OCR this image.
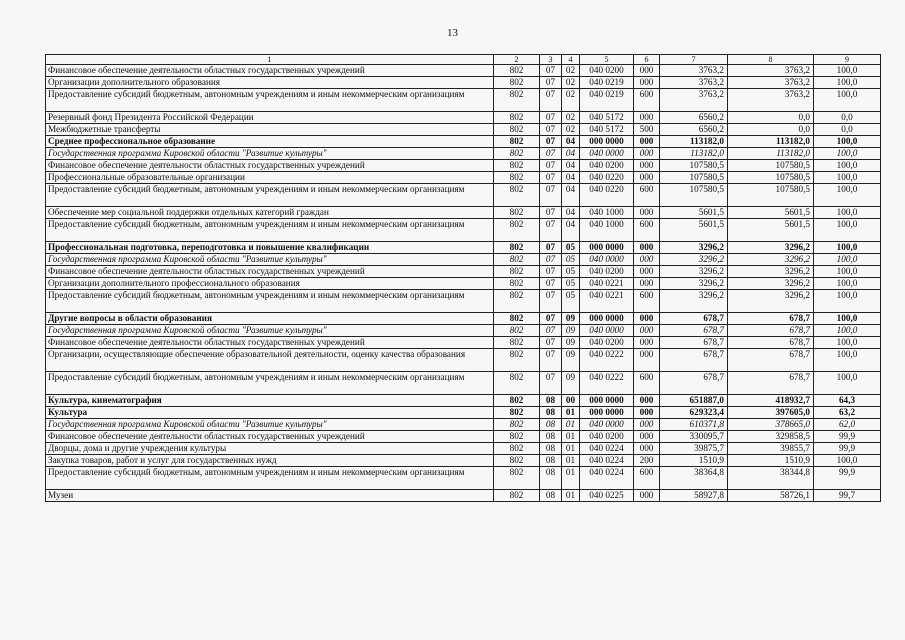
13
1	2	3	4	5	6	7	8	9
Финансовое обеспечение деятельности областных государственных учреждений	802	07	02	040 0200	000	3763,2	3763,2	100,0
Организации дополнительного образования	802	07	02	040 0219	000	3763,2	3763,2	100,0
Предоставление субсидий бюджетным, автономным учреждениям и иным некоммерческим организациям	802	07	02	040 0219	600	3763,2	3763,2	100,0
Резервный фонд Президента Российской Федерации	802	07	02	040 5172	000	6560,2	0,0	0,0
Межбюджетные трансферты	802	07	02	040 5172	500	6560,2	0,0	0,0
Среднее профессиональное образование	802	07	04	000 0000	000	113182,0	113182,0	100,0
Государственная программа Кировской области "Развитие культуры"	802	07	04	040 0000	000	113182,0	113182,0	100,0
Финансовое обеспечение деятельности областных государственных учреждений	802	07	04	040 0200	000	107580,5	107580,5	100,0
Профессиональные образовательные организации	802	07	04	040 0220	000	107580,5	107580,5	100,0
Предоставление субсидий бюджетным, автономным учреждениям и иным некоммерческим организациям	802	07	04	040 0220	600	107580,5	107580,5	100,0
Обеспечение мер социальной поддержки отдельных категорий граждан	802	07	04	040 1000	000	5601,5	5601,5	100,0
Предоставление субсидий бюджетным, автономным учреждениям и иным некоммерческим организациям	802	07	04	040 1000	600	5601,5	5601,5	100,0
Профессиональная подготовка, переподготовка и повышение квалификации	802	07	05	000 0000	000	3296,2	3296,2	100,0
Государственная программа Кировской области "Развитие культуры"	802	07	05	040 0000	000	3296,2	3296,2	100,0
Финансовое обеспечение деятельности областных государственных учреждений	802	07	05	040 0200	000	3296,2	3296,2	100,0
Организации дополнительного профессионального образования	802	07	05	040 0221	000	3296,2	3296,2	100,0
Предоставление субсидий бюджетным, автономным учреждениям и иным некоммерческим организациям	802	07	05	040 0221	600	3296,2	3296,2	100,0
Другие вопросы в области образования	802	07	09	000 0000	000	678,7	678,7	100,0
Государственная программа Кировской области "Развитие культуры"	802	07	09	040 0000	000	678,7	678,7	100,0
Финансовое обеспечение деятельности областных государственных учреждений	802	07	09	040 0200	000	678,7	678,7	100,0
Организации, осуществляющие обеспечение образовательной деятельности, оценку качества образования	802	07	09	040 0222	000	678,7	678,7	100,0
Предоставление субсидий бюджетным, автономным учреждениям и иным некоммерческим организациям	802	07	09	040 0222	600	678,7	678,7	100,0
Культура, кинематография	802	08	00	000 0000	000	651887,0	418932,7	64,3
Культура	802	08	01	000 0000	000	629323,4	397605,0	63,2
Государственная программа Кировской области "Развитие культуры"	802	08	01	040 0000	000	610371,8	378665,0	62,0
Финансовое обеспечение деятельности областных государственных учреждений	802	08	01	040 0200	000	330095,7	329858,5	99,9
Дворцы, дома и другие учреждения культуры	802	08	01	040 0224	000	39875,7	39855,7	99,9
Закупка товаров, работ и услуг для государственных нужд	802	08	01	040 0224	200	1510,9	1510,9	100,0
Предоставление субсидий бюджетным, автономным учреждениям и иным некоммерческим организациям	802	08	01	040 0224	600	38364,8	38344,8	99,9
Музеи	802	08	01	040 0225	000	58927,8	58726,1	99,7
